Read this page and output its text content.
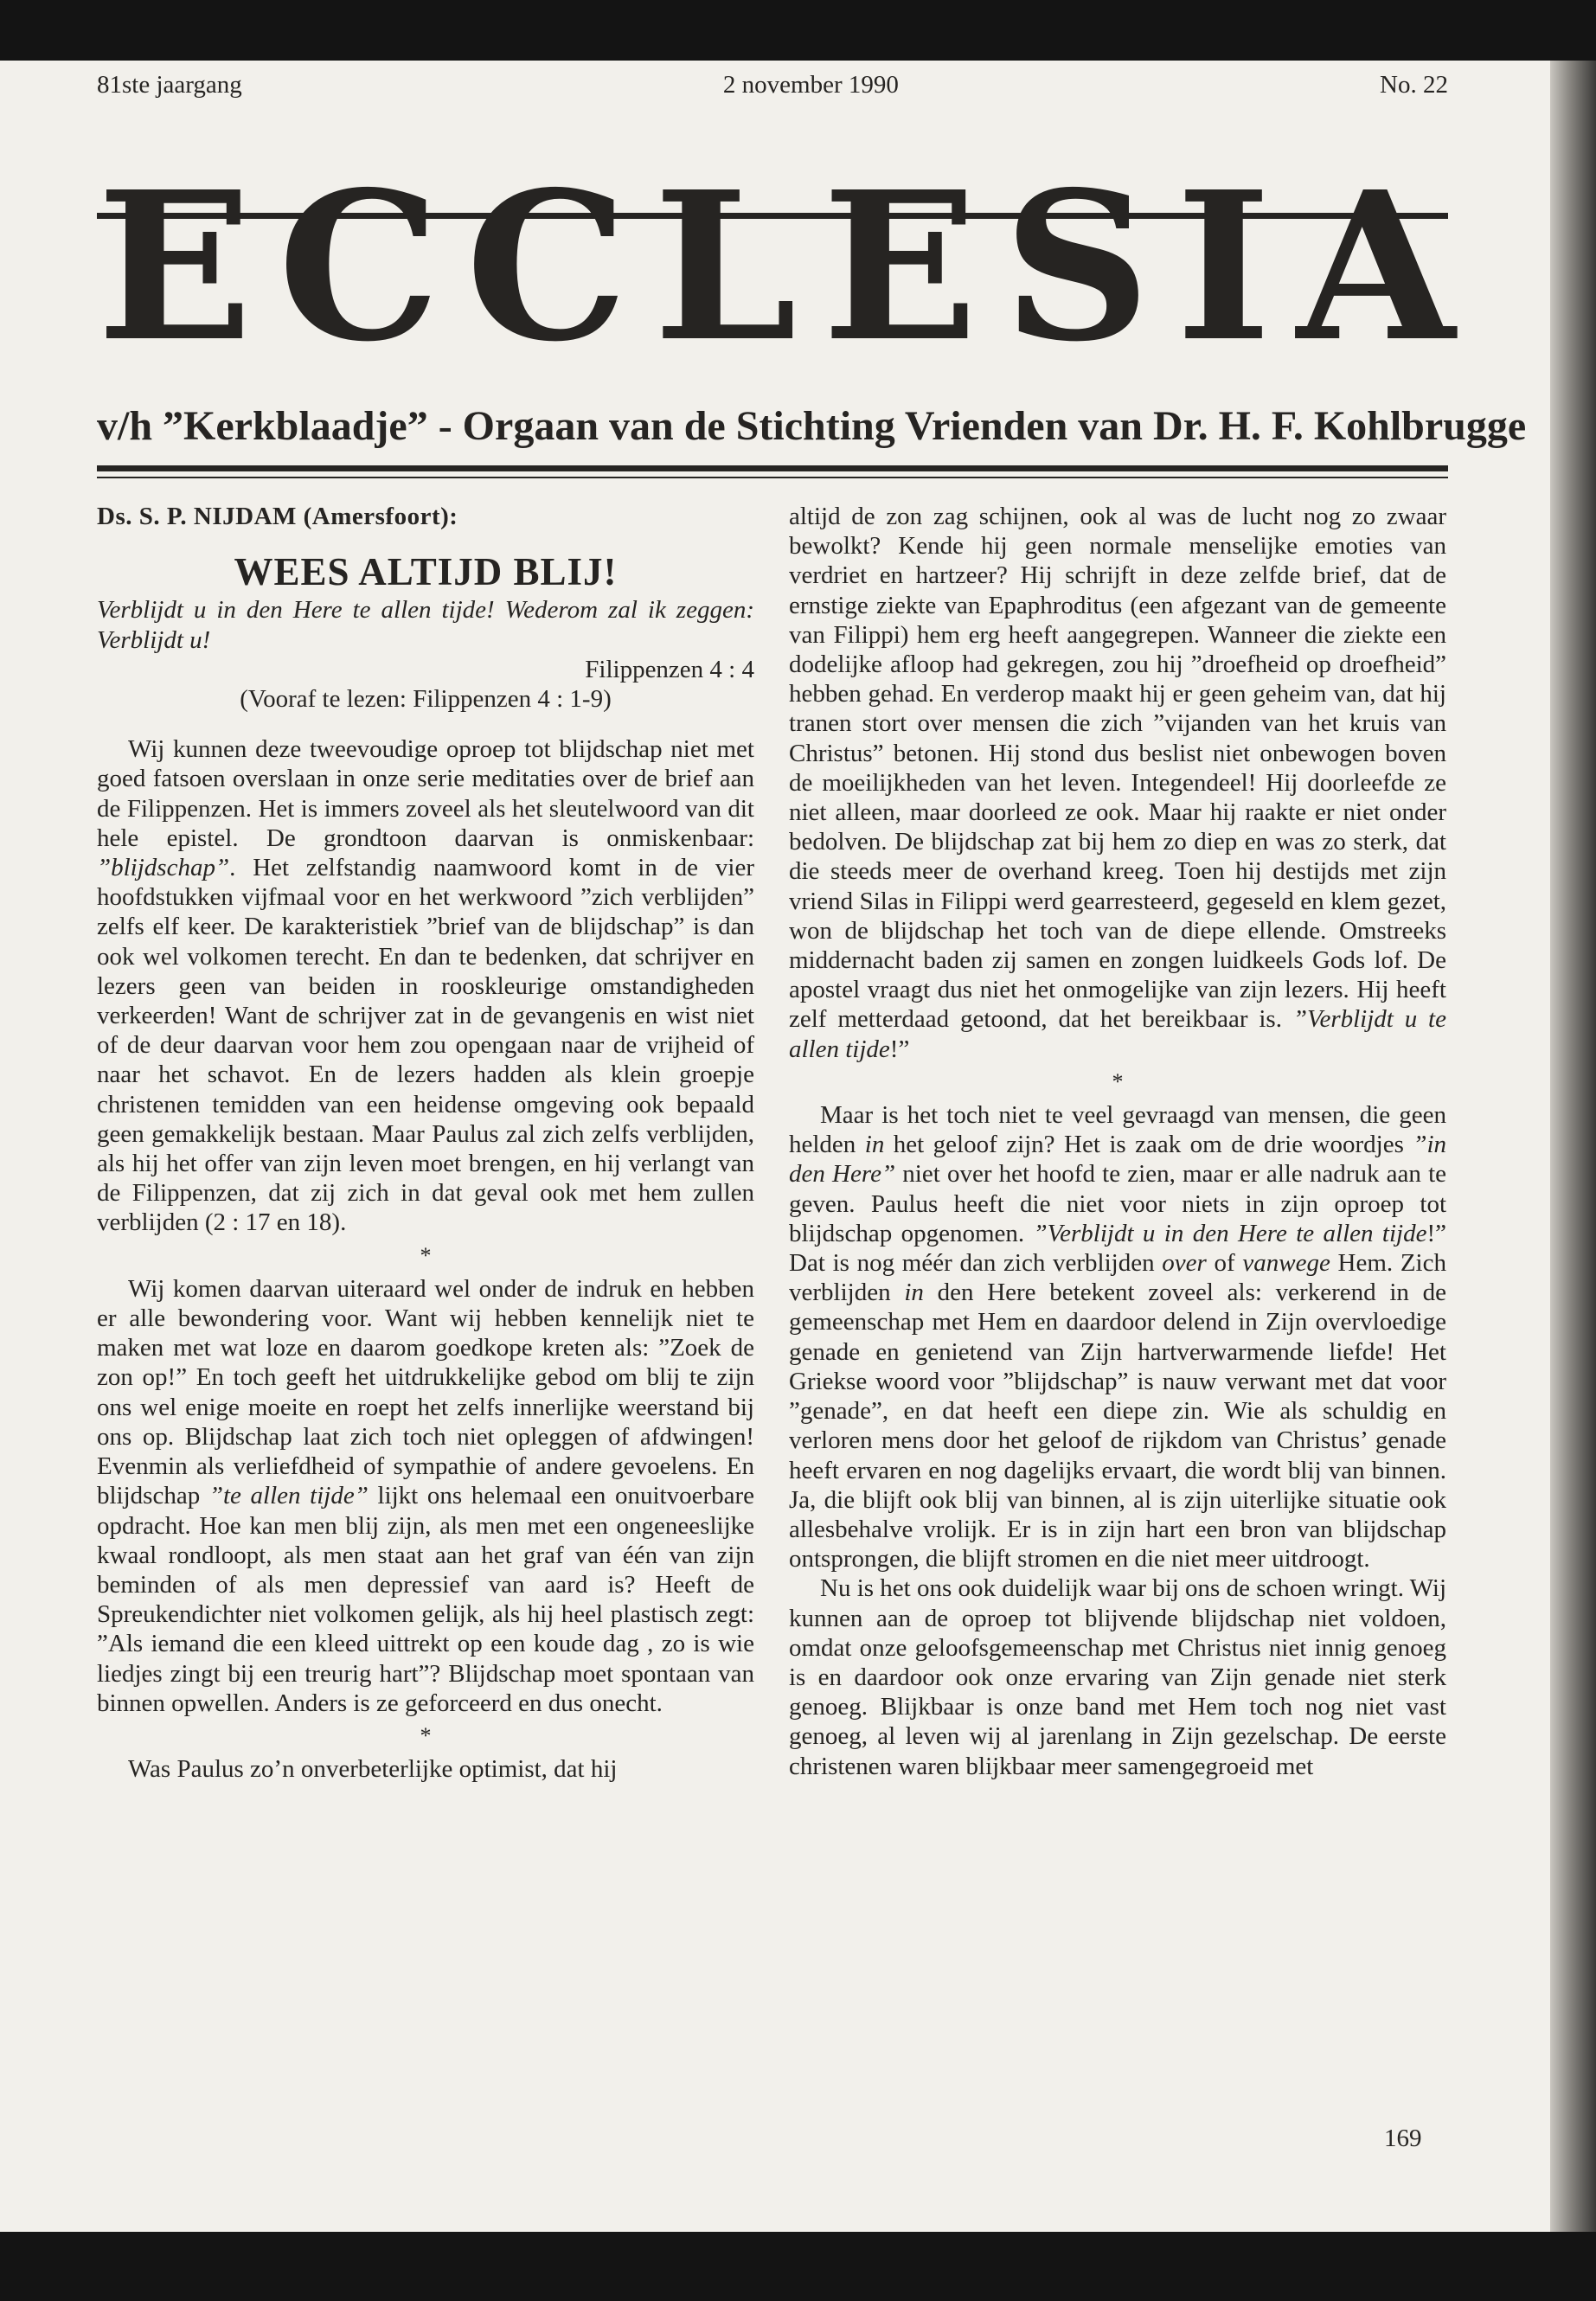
81ste jaargang	2 november 1990	No. 22
E C C L E S I A
v/h ”Kerkblaadje” - Orgaan van de Stichting Vrienden van Dr. H. F. Kohlbrugge

Ds. S. P. NIJDAM (Amersfoort):

WEES ALTIJD BLIJ!

Verblijdt u in den Here te allen tijde! Wederom zal ik zeggen: Verblijdt u!

Filippenzen 4 : 4

(Vooraf te lezen: Filippenzen 4 : 1-9)

Wij kunnen deze tweevoudige oproep tot blijdschap niet met goed fatsoen overslaan in onze serie meditaties over de brief aan de Filippenzen. Het is immers zoveel als het sleutelwoord van dit hele epistel. De grondtoon daarvan is onmiskenbaar: ”blijdschap”. Het zelfstandig naamwoord komt in de vier hoofdstukken vijfmaal voor en het werkwoord ”zich verblijden” zelfs elf keer. De karakteristiek ”brief van de blijdschap” is dan ook wel volkomen terecht. En dan te bedenken, dat schrijver en lezers geen van beiden in rooskleurige omstandigheden verkeerden! Want de schrijver zat in de gevangenis en wist niet of de deur daarvan voor hem zou opengaan naar de vrijheid of naar het schavot. En de lezers hadden als klein groepje christenen temidden van een heidense omgeving ook bepaald geen gemakkelijk bestaan. Maar Paulus zal zich zelfs verblijden, als hij het offer van zijn leven moet brengen, en hij verlangt van de Filippenzen, dat zij zich in dat geval ook met hem zullen verblijden (2 : 17 en 18).

*

Wij komen daarvan uiteraard wel onder de indruk en hebben er alle bewondering voor. Want wij hebben kennelijk niet te maken met wat loze en daarom goedkope kreten als: ”Zoek de zon op!” En toch geeft het uitdrukkelijke gebod om blij te zijn ons wel enige moeite en roept het zelfs innerlijke weerstand bij ons op. Blijdschap laat zich toch niet opleggen of afdwingen! Evenmin als verliefdheid of sympathie of andere gevoelens. En blijdschap ”te allen tijde” lijkt ons helemaal een onuitvoerbare opdracht. Hoe kan men blij zijn, als men met een ongeneeslijke kwaal rondloopt, als men staat aan het graf van één van zijn beminden of als men depressief van aard is? Heeft de Spreukendichter niet volkomen gelijk, als hij heel plastisch zegt: ”Als iemand die een kleed uittrekt op een koude dag , zo is wie liedjes zingt bij een treurig hart”? Blijdschap moet spontaan van binnen opwellen. Anders is ze geforceerd en dus onecht.

*

Was Paulus zo’n onverbeterlijke optimist, dat hij

altijd de zon zag schijnen, ook al was de lucht nog zo zwaar bewolkt? Kende hij geen normale menselijke emoties van verdriet en hartzeer? Hij schrijft in deze zelfde brief, dat de ernstige ziekte van Epaphroditus (een afgezant van de gemeente van Filippi) hem erg heeft aangegrepen. Wanneer die ziekte een dodelijke afloop had gekregen, zou hij ”droefheid op droefheid” hebben gehad. En verderop maakt hij er geen geheim van, dat hij tranen stort over mensen die zich ”vijanden van het kruis van Christus” betonen. Hij stond dus beslist niet onbewogen boven de moeilijkheden van het leven. Integendeel! Hij doorleefde ze niet alleen, maar doorleed ze ook. Maar hij raakte er niet onder bedolven. De blijdschap zat bij hem zo diep en was zo sterk, dat die steeds meer de overhand kreeg. Toen hij destijds met zijn vriend Silas in Filippi werd gearresteerd, gegeseld en klem gezet, won de blijdschap het toch van de diepe ellende. Omstreeks middernacht baden zij samen en zongen luidkeels Gods lof. De apostel vraagt dus niet het onmogelijke van zijn lezers. Hij heeft zelf metterdaad getoond, dat het bereikbaar is. ”Verblijdt u te allen tijde!”

*

Maar is het toch niet te veel gevraagd van mensen, die geen helden in het geloof zijn? Het is zaak om de drie woordjes ”in den Here” niet over het hoofd te zien, maar er alle nadruk aan te geven. Paulus heeft die niet voor niets in zijn oproep tot blijdschap opgenomen. ”Verblijdt u in den Here te allen tijde!” Dat is nog méér dan zich verblijden over of vanwege Hem. Zich verblijden in den Here betekent zoveel als: verkerend in de gemeenschap met Hem en daardoor delend in Zijn overvloedige genade en genietend van Zijn hartverwarmende liefde! Het Griekse woord voor ”blijdschap” is nauw verwant met dat voor ”genade”, en dat heeft een diepe zin. Wie als schuldig en verloren mens door het geloof de rijkdom van Christus’ genade heeft ervaren en nog dagelijks ervaart, die wordt blij van binnen. Ja, die blijft ook blij van binnen, al is zijn uiterlijke situatie ook allesbehalve vrolijk. Er is in zijn hart een bron van blijdschap ontsprongen, die blijft stromen en die niet meer uitdroogt.

Nu is het ons ook duidelijk waar bij ons de schoen wringt. Wij kunnen aan de oproep tot blijvende blijdschap niet voldoen, omdat onze geloofsgemeenschap met Christus niet innig genoeg is en daardoor ook onze ervaring van Zijn genade niet sterk genoeg. Blijkbaar is onze band met Hem toch nog niet vast genoeg, al leven wij al jarenlang in Zijn gezelschap. De eerste christenen waren blijkbaar meer samengegroeid met

169
